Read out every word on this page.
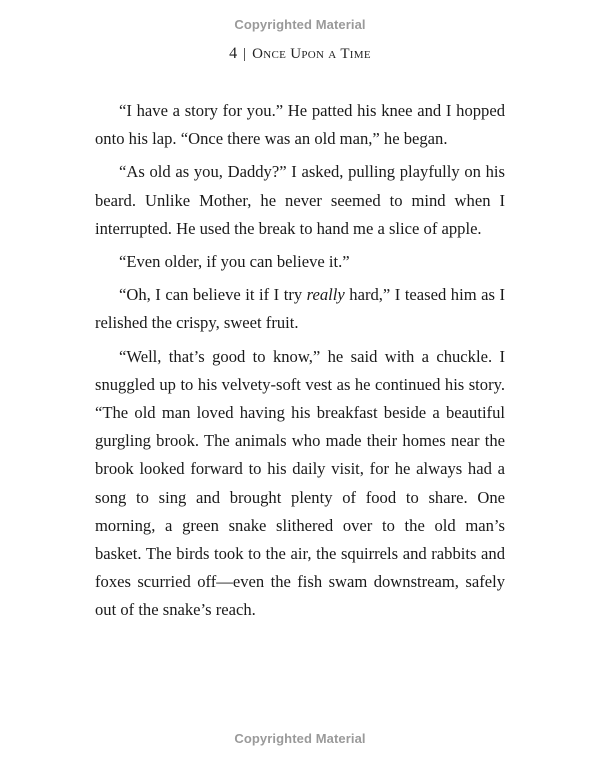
Copyrighted Material
4 | Once Upon a Time

“I have a story for you.” He patted his knee and I hopped onto his lap. “Once there was an old man,” he began.

“As old as you, Daddy?” I asked, pulling playfully on his beard. Unlike Mother, he never seemed to mind when I interrupted. He used the break to hand me a slice of apple.

“Even older, if you can believe it.”

“Oh, I can believe it if I try really hard,” I teased him as I relished the crispy, sweet fruit.

“Well, that’s good to know,” he said with a chuckle. I snuggled up to his velvety-soft vest as he continued his story. “The old man loved having his breakfast beside a beautiful gurgling brook. The animals who made their homes near the brook looked forward to his daily visit, for he always had a song to sing and brought plenty of food to share. One morning, a green snake slithered over to the old man’s basket. The birds took to the air, the squirrels and rabbits and foxes scurried off—even the fish swam downstream, safely out of the snake’s reach.

Copyrighted Material
